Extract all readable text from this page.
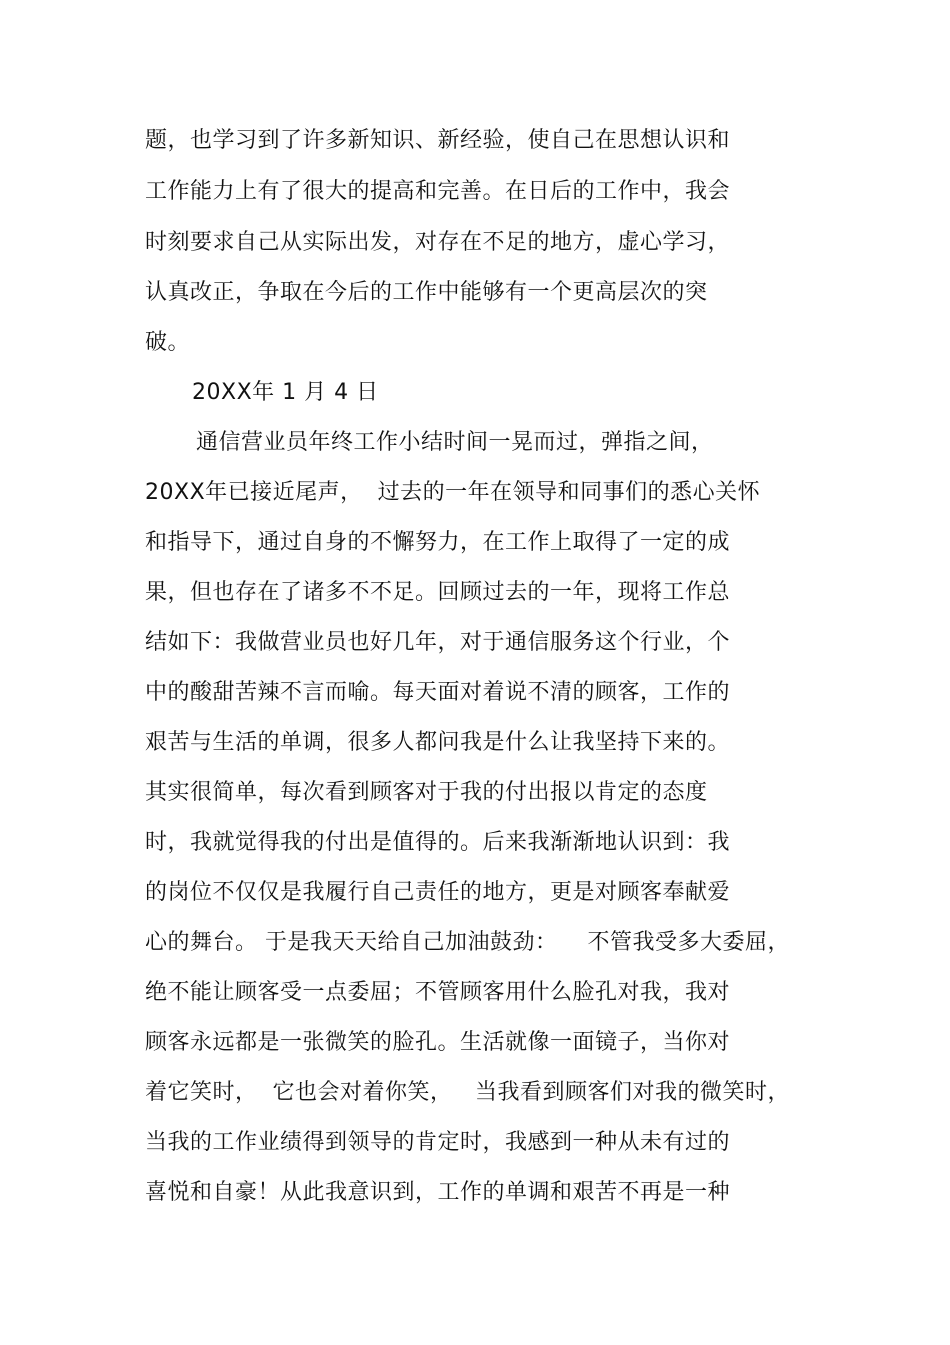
题，也学习到了许多新知识、新经验，使自己在思想认识和
工作能力上有了很大的提高和完善。在日后的工作中，我会
时刻要求自己从实际出发，对存在不足的地方，虚心学习，
认真改正，争取在今后的工作中能够有一个更高层次的突
破。
20XX年 1 月 4 日
通信营业员年终工作小结时间一晃而过，弹指之间，
20XX年已接近尾声，  过去的一年在领导和同事们的悉心关怀
和指导下，通过自身的不懈努力，在工作上取得了一定的成
果，但也存在了诸多不不足。回顾过去的一年，现将工作总
结如下：我做营业员也好几年，对于通信服务这个行业，个
中的酸甜苦辣不言而喻。每天面对着说不清的顾客，工作的
艰苦与生活的单调，很多人都问我是什么让我坚持下来的。
其实很简单，每次看到顾客对于我的付出报以肯定的态度
时，我就觉得我的付出是值得的。后来我渐渐地认识到：我
的岗位不仅仅是我履行自己责任的地方，更是对顾客奉献爱
心的舞台。 于是我天天给自己加油鼓劲：    不管我受多大委屈，
绝不能让顾客受一点委屈；不管顾客用什么脸孔对我，我对
顾客永远都是一张微笑的脸孔。生活就像一面镜子，当你对
着它笑时，  它也会对着你笑，   当我看到顾客们对我的微笑时，
当我的工作业绩得到领导的肯定时，我感到一种从未有过的
喜悦和自豪！从此我意识到，工作的单调和艰苦不再是一种
